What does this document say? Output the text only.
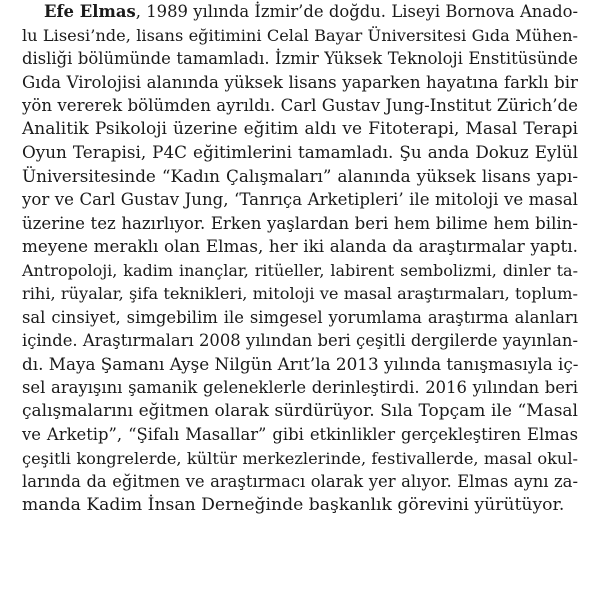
Efe Elmas, 1989 yılında İzmir’de doğdu. Liseyi Bornova Anado-
lu Lisesi’nde, lisans eğitimini Celal Bayar Üniversitesi Gıda Mühen-
disliği bölümünde tamamladı. İzmir Yüksek Teknoloji Enstitüsünde
Gıda Virolojisi alanında yüksek lisans yaparken hayatına farklı bir
yön vererek bölümden ayrıldı. Carl Gustav Jung-Institut Zürich’de
Analitik Psikoloji üzerine eğitim aldı ve Fitoterapi, Masal Terapi
Oyun Terapisi, P4C eğitimlerini tamamladı. Şu anda Dokuz Eylül
Üniversitesinde “Kadın Çalışmaları” alanında yüksek lisans yapı-
yor ve Carl Gustav Jung, ‘Tanrıça Arketipleri’ ile mitoloji ve masal
üzerine tez hazırlıyor. Erken yaşlardan beri hem bilime hem bilin-
meyene meraklı olan Elmas, her iki alanda da araştırmalar yaptı.
Antropoloji, kadim inançlar, ritüeller, labirent sembolizmi, dinler ta-
rihi, rüyalar, şifa teknikleri, mitoloji ve masal araştırmaları, toplum-
sal cinsiyet, simgebilim ile simgesel yorumlama araştırma alanları
içinde. Araştırmaları 2008 yılından beri çeşitli dergilerde yayınlan-
dı. Maya Şamanı Ayşe Nilgün Arıt’la 2013 yılında tanışmasıyla iç-
sel arayışını şamanik geleneklerle derinleştirdi. 2016 yılından beri
çalışmalarını eğitmen olarak sürdürüyor. Sıla Topçam ile “Masal
ve Arketip”, “Şifalı Masallar” gibi etkinlikler gerçekleştiren Elmas
çeşitli kongrelerde, kültür merkezlerinde, festivallerde, masal okul-
larında da eğitmen ve araştırmacı olarak yer alıyor. Elmas aynı za-
manda Kadim İnsan Derneğinde başkanlık görevini yürütüyor.
